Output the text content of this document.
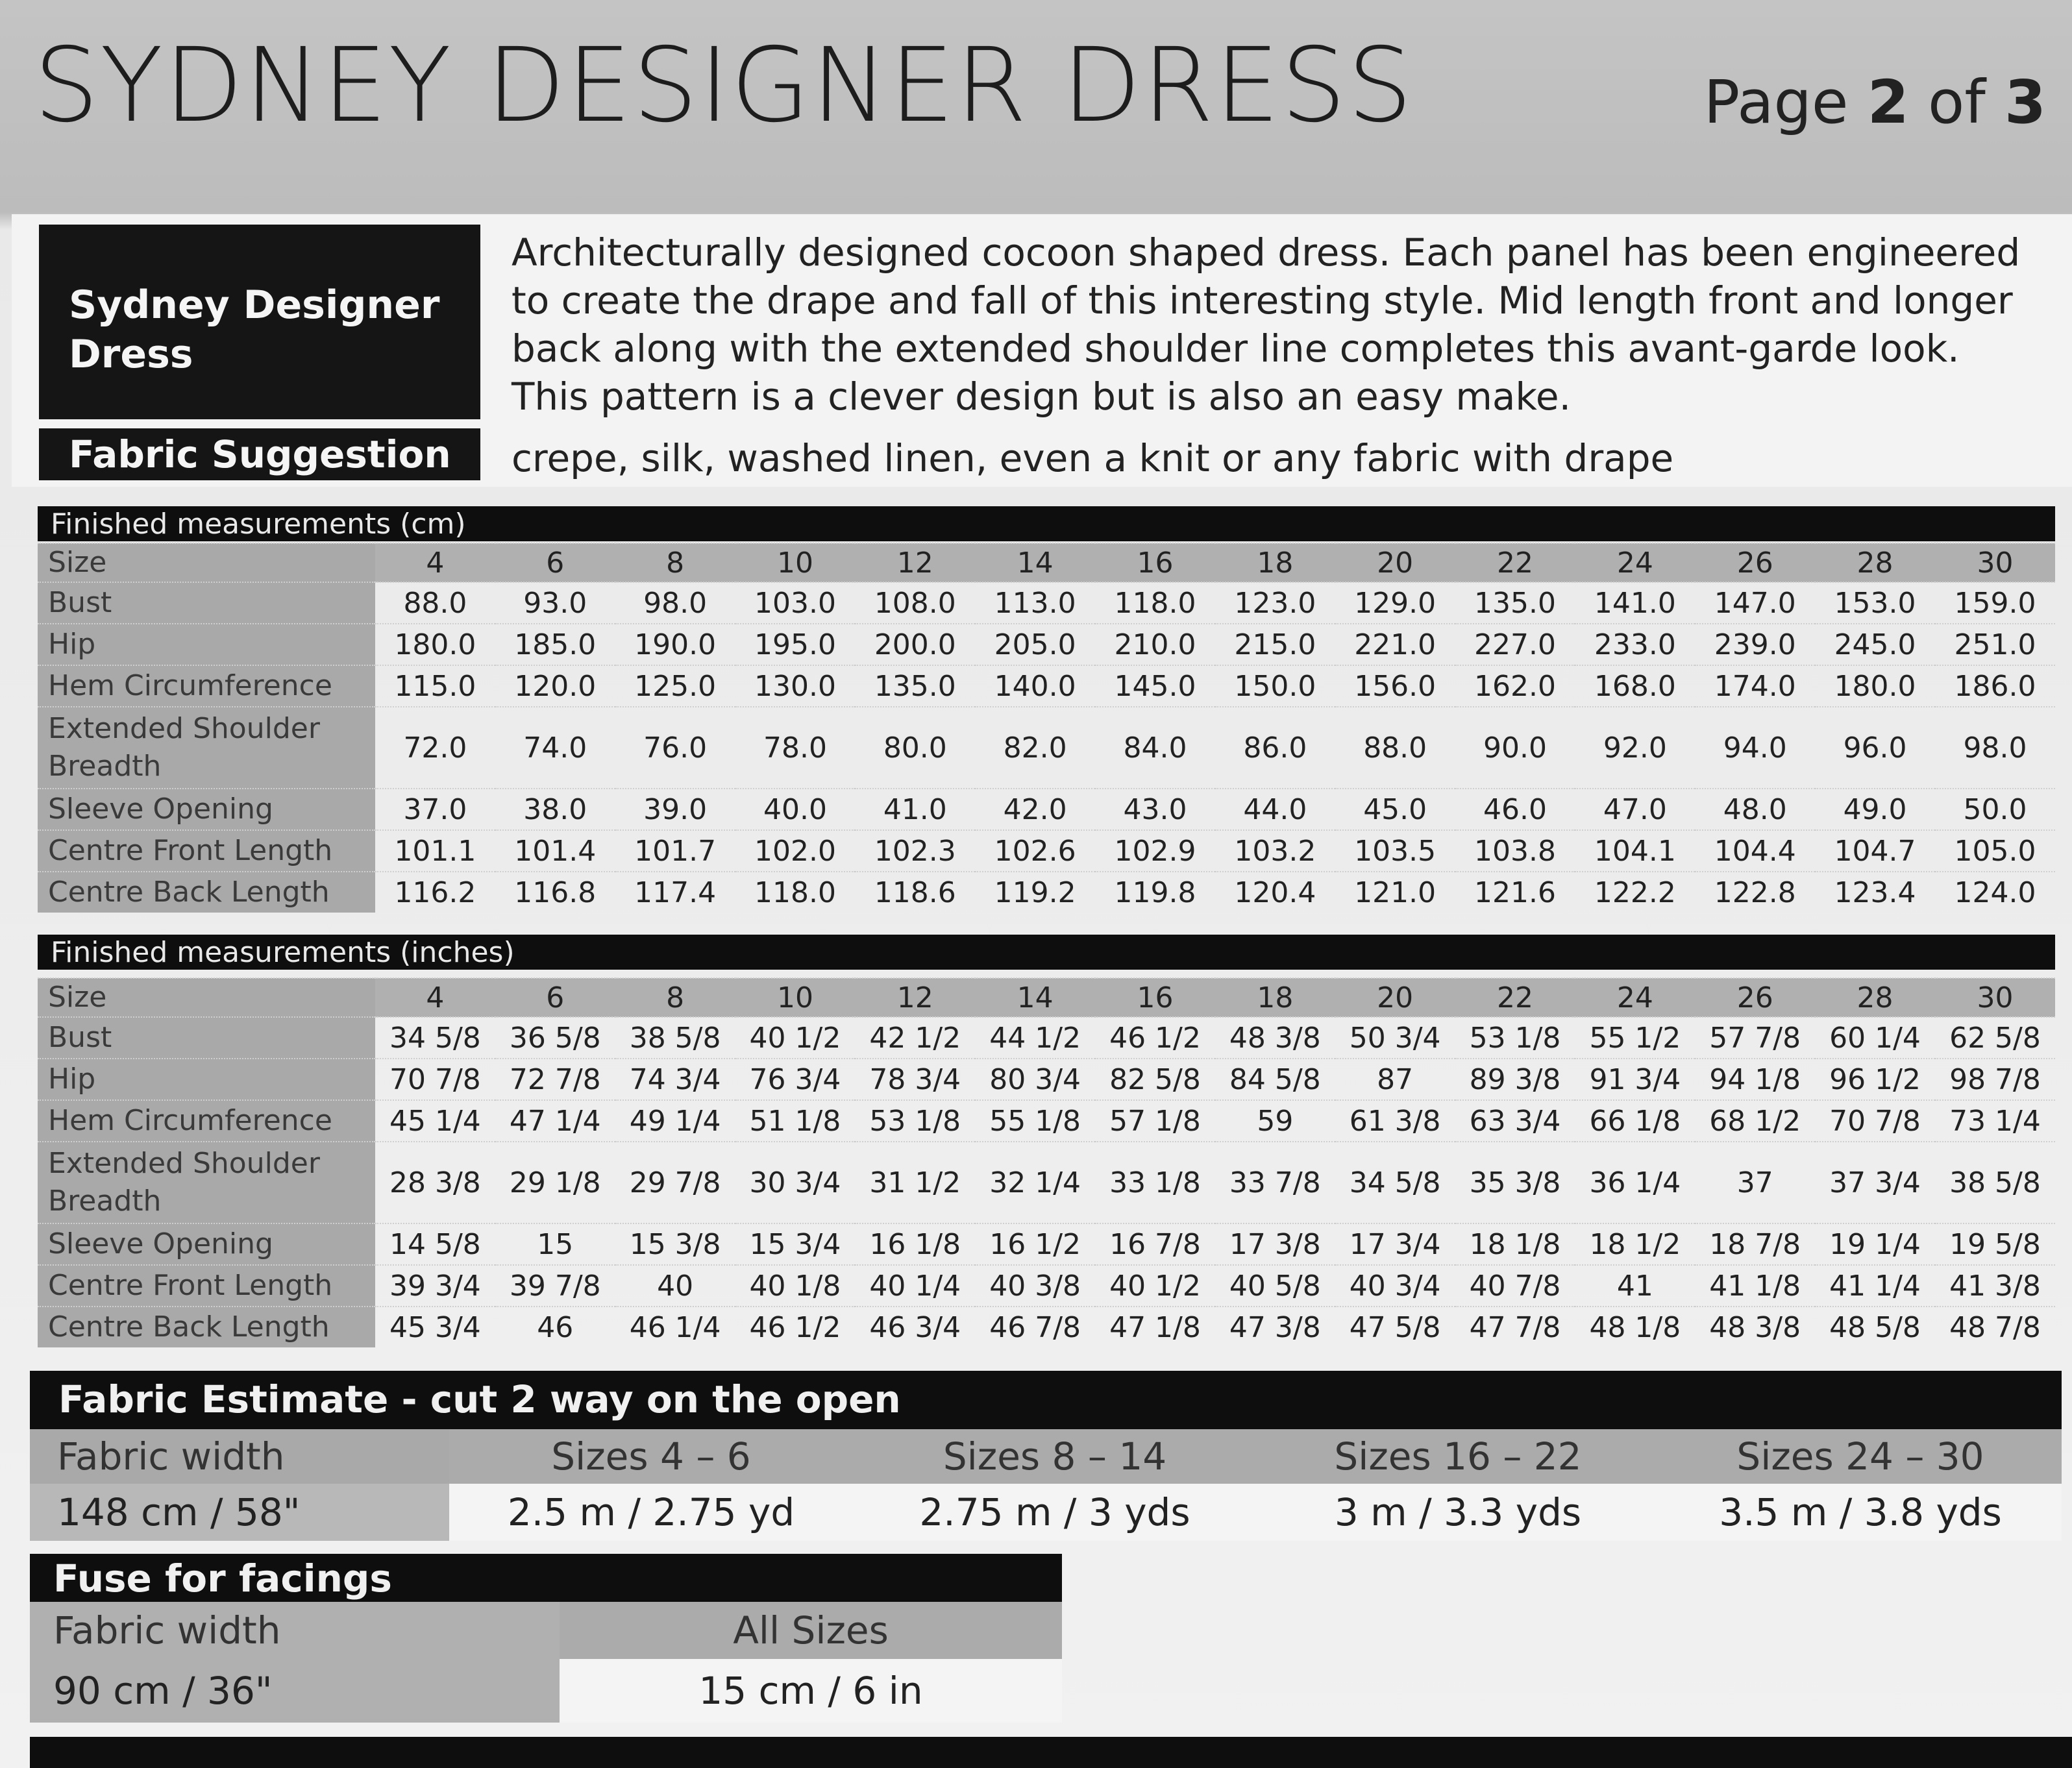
SYDNEY DESIGNER DRESS	Page 2 of 3
Sydney Designer
Dress
Architecturally designed cocoon shaped dress. Each panel has been engineered to create the drape and fall of this interesting style. Mid length front and longer back along with the extended shoulder line completes this avant-garde look. This pattern is a clever design but is also an easy make.
Fabric Suggestion	crepe, silk, washed linen, even a knit or any fabric with drape
Finished measurements (cm)
Size	4	6	8	10	12	14	16	18	20	22	24	26	28	30
Bust	88.0	93.0	98.0	103.0	108.0	113.0	118.0	123.0	129.0	135.0	141.0	147.0	153.0	159.0
Hip	180.0	185.0	190.0	195.0	200.0	205.0	210.0	215.0	221.0	227.0	233.0	239.0	245.0	251.0
Hem Circumference	115.0	120.0	125.0	130.0	135.0	140.0	145.0	150.0	156.0	162.0	168.0	174.0	180.0	186.0
Extended Shoulder Breadth	72.0	74.0	76.0	78.0	80.0	82.0	84.0	86.0	88.0	90.0	92.0	94.0	96.0	98.0
Sleeve Opening	37.0	38.0	39.0	40.0	41.0	42.0	43.0	44.0	45.0	46.0	47.0	48.0	49.0	50.0
Centre Front Length	101.1	101.4	101.7	102.0	102.3	102.6	102.9	103.2	103.5	103.8	104.1	104.4	104.7	105.0
Centre Back Length	116.2	116.8	117.4	118.0	118.6	119.2	119.8	120.4	121.0	121.6	122.2	122.8	123.4	124.0
Finished measurements (inches)
Size	4	6	8	10	12	14	16	18	20	22	24	26	28	30
Bust	34 5/8	36 5/8	38 5/8	40 1/2	42 1/2	44 1/2	46 1/2	48 3/8	50 3/4	53 1/8	55 1/2	57 7/8	60 1/4	62 5/8
Hip	70 7/8	72 7/8	74 3/4	76 3/4	78 3/4	80 3/4	82 5/8	84 5/8	87	89 3/8	91 3/4	94 1/8	96 1/2	98 7/8
Hem Circumference	45 1/4	47 1/4	49 1/4	51 1/8	53 1/8	55 1/8	57 1/8	59	61 3/8	63 3/4	66 1/8	68 1/2	70 7/8	73 1/4
Extended Shoulder Breadth	28 3/8	29 1/8	29 7/8	30 3/4	31 1/2	32 1/4	33 1/8	33 7/8	34 5/8	35 3/8	36 1/4	37	37 3/4	38 5/8
Sleeve Opening	14 5/8	15	15 3/8	15 3/4	16 1/8	16 1/2	16 7/8	17 3/8	17 3/4	18 1/8	18 1/2	18 7/8	19 1/4	19 5/8
Centre Front Length	39 3/4	39 7/8	40	40 1/8	40 1/4	40 3/8	40 1/2	40 5/8	40 3/4	40 7/8	41	41 1/8	41 1/4	41 3/8
Centre Back Length	45 3/4	46	46 1/4	46 1/2	46 3/4	46 7/8	47 1/8	47 3/8	47 5/8	47 7/8	48 1/8	48 3/8	48 5/8	48 7/8
Fabric Estimate - cut 2 way on the open
Fabric width	Sizes 4 – 6	Sizes 8 – 14	Sizes 16 – 22	Sizes 24 – 30
148 cm / 58"	2.5 m / 2.75 yd	2.75 m / 3 yds	3 m / 3.3 yds	3.5 m / 3.8 yds
Fuse for facings
Fabric width	All Sizes
90 cm / 36"	15 cm / 6 in
